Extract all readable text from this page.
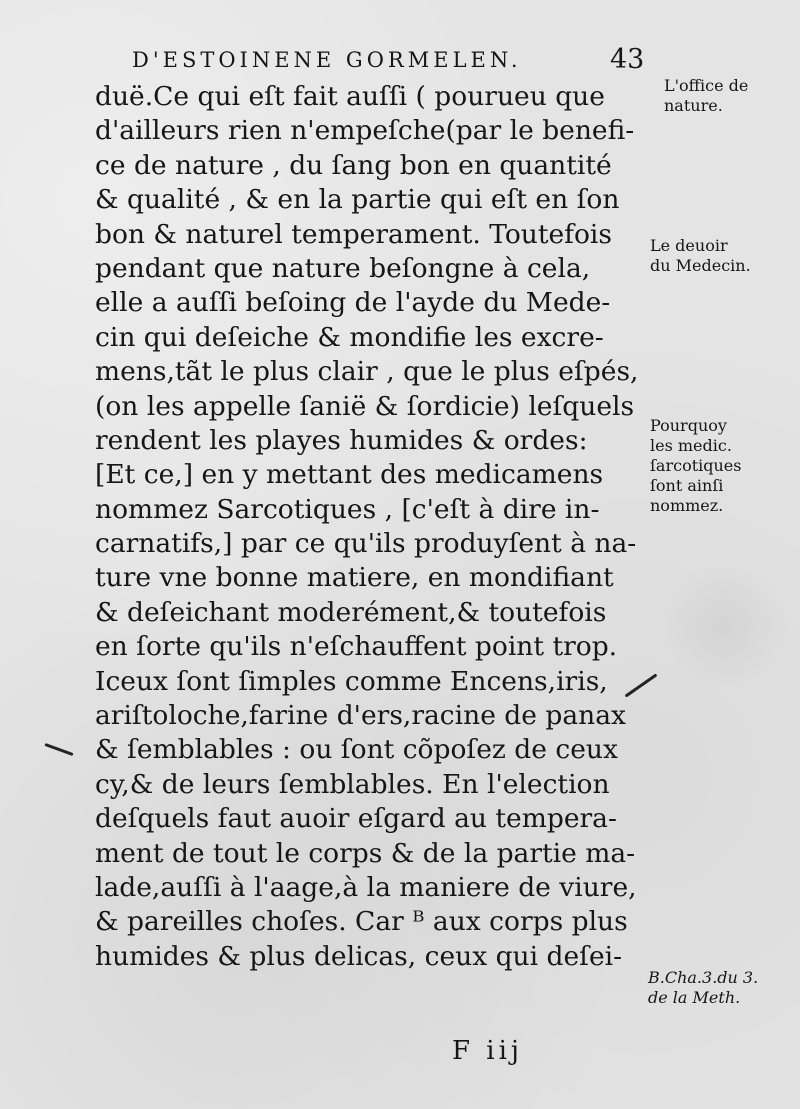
D'ESTOINENE GORMELEN.	43
duë.Ce qui eſt fait auſſi ( pourueu que
d'ailleurs rien n'empeſche(par le benefi-
ce de nature , du ſang bon en quantité
& qualité , & en la partie qui eſt en ſon
bon & naturel temperament. Toutefois
pendant que nature beſongne à cela,
elle a auſſi beſoing de l'ayde du Mede-
cin qui deſeiche & mondifie les excre-
mens,tãt le plus clair , que le plus eſpés,
(on les appelle ſanië & ſordicie) leſquels
rendent les playes humides & ordes:
[Et ce,] en y mettant des medicamens
nommez Sarcotiques , [c'eſt à dire in-
carnatifs,] par ce qu'ils produyſent à na-
ture vne bonne matiere, en mondifiant
& deſeichant moderément,& toutefois
en ſorte qu'ils n'eſchauffent point trop.
Iceux ſont ſimples comme Encens,iris,
ariſtoloche,farine d'ers,racine de panax
& ſemblables : ou ſont cõpoſez de ceux
cy,& de leurs ſemblables. En l'election
deſquels faut auoir eſgard au tempera-
ment de tout le corps & de la partie ma-
lade,auſſi à l'aage,à la maniere de viure,
& pareilles choſes. Car ᴮ aux corps plus
humides & plus delicas, ceux qui deſei-
L'office de
nature.
Le deuoir
du Medecin.
Pourquoy
les medic.
ſarcotiques
ſont ainſi
nommez.
B.Cha.3.du 3.
de la Meth.
F iij
